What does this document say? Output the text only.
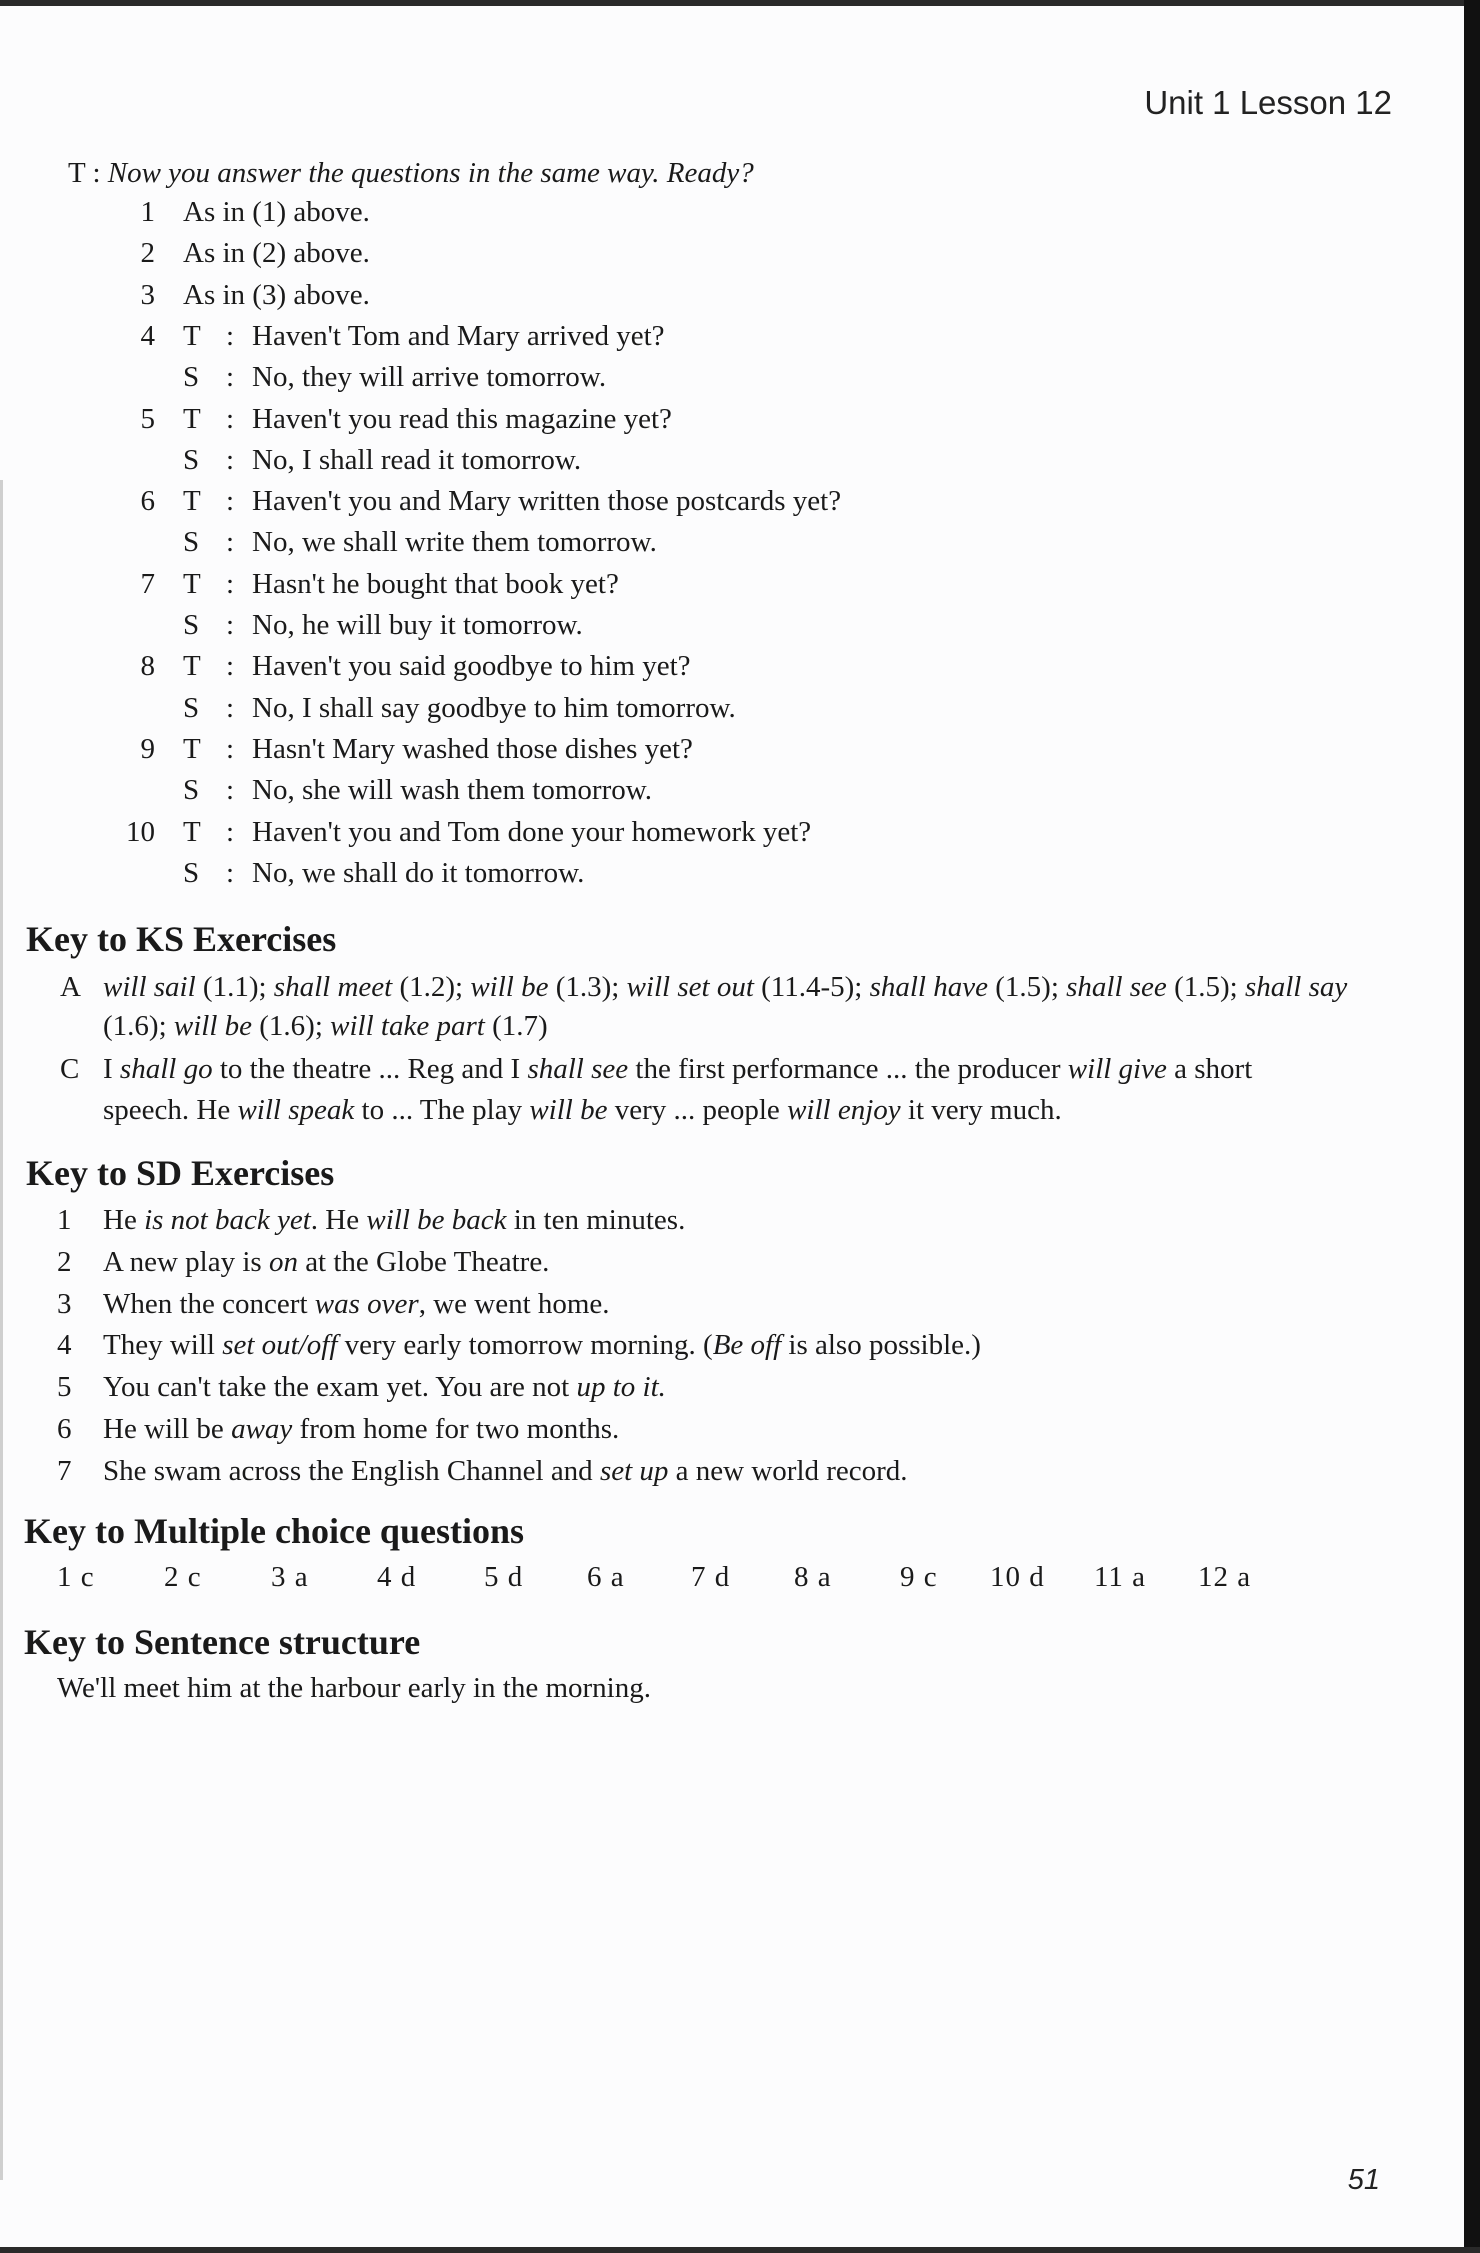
Unit 1 Lesson 12
T : Now you answer the questions in the same way. Ready?
1 As in (1) above.
2 As in (2) above.
3 As in (3) above.
4 T : Haven't Tom and Mary arrived yet?
S : No, they will arrive tomorrow.
5 T : Haven't you read this magazine yet?
S : No, I shall read it tomorrow.
6 T : Haven't you and Mary written those postcards yet?
S : No, we shall write them tomorrow.
7 T : Hasn't he bought that book yet?
S : No, he will buy it tomorrow.
8 T : Haven't you said goodbye to him yet?
S : No, I shall say goodbye to him tomorrow.
9 T : Hasn't Mary washed those dishes yet?
S : No, she will wash them tomorrow.
10 T : Haven't you and Tom done your homework yet?
S : No, we shall do it tomorrow.
Key to KS Exercises
A will sail (1.1); shall meet (1.2); will be (1.3); will set out (11.4-5); shall have (1.5); shall see (1.5); shall say
(1.6); will be (1.6); will take part (1.7)
C I shall go to the theatre ... Reg and I shall see the first performance ... the producer will give a short
speech. He will speak to ... The play will be very ... people will enjoy it very much.
Key to SD Exercises
1 He is not back yet. He will be back in ten minutes.
2 A new play is on at the Globe Theatre.
3 When the concert was over, we went home.
4 They will set out/off very early tomorrow morning. (Be off is also possible.)
5 You can't take the exam yet. You are not up to it.
6 He will be away from home for two months.
7 She swam across the English Channel and set up a new world record.
Key to Multiple choice questions
1 c 2 c 3 a 4 d 5 d 6 a 7 d 8 a 9 c 10 d 11 a 12 a
Key to Sentence structure
We'll meet him at the harbour early in the morning.
51
